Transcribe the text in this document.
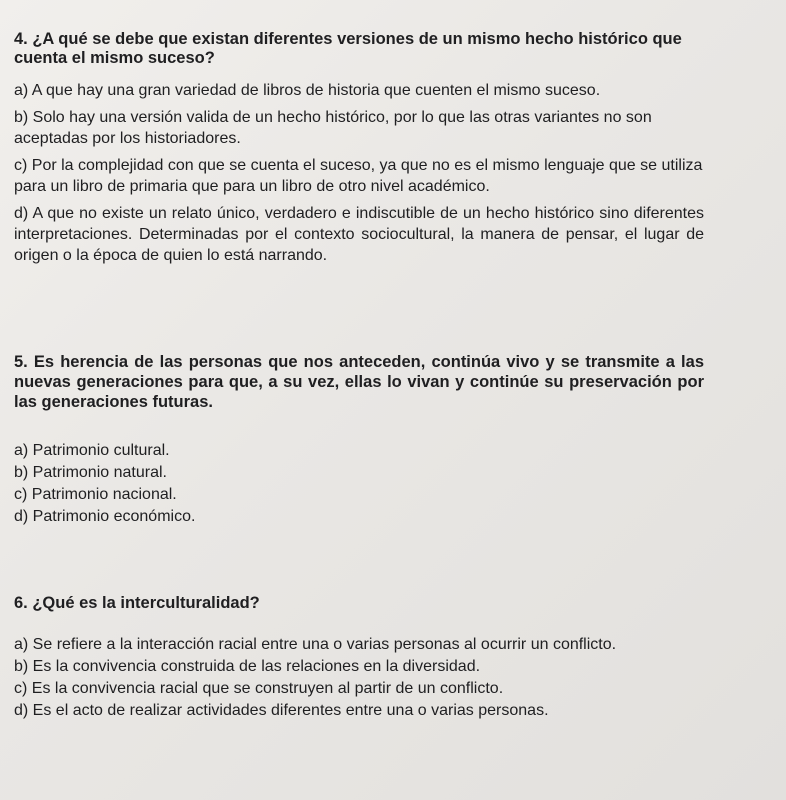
4. ¿A qué se debe que existan diferentes versiones de un mismo hecho histórico que cuenta el mismo suceso?

a) A que hay una gran variedad de libros de historia que cuenten el mismo suceso.

b) Solo hay una versión valida de un hecho histórico, por lo que las otras variantes no son aceptadas por los historiadores.

c) Por la complejidad con que se cuenta el suceso, ya que no es el mismo lenguaje que se utiliza para un libro de primaria que para un libro de otro nivel académico.

d) A que no existe un relato único, verdadero e indiscutible de un hecho histórico sino diferentes interpretaciones. Determinadas por el contexto sociocultural, la manera de pensar, el lugar de origen o la época de quien lo está narrando.

5. Es herencia de las personas que nos anteceden, continúa vivo y se transmite a las nuevas generaciones para que, a su vez, ellas lo vivan y continúe su preservación por las generaciones futuras.

a) Patrimonio cultural.

b) Patrimonio natural.

c) Patrimonio nacional.

d) Patrimonio económico.

6. ¿Qué es la interculturalidad?

a) Se refiere a la interacción racial entre una o varias personas al ocurrir un conflicto.

b) Es la convivencia construida de las relaciones en la diversidad.

c) Es la convivencia racial que se construyen al partir de un conflicto.

d) Es el acto de realizar actividades diferentes entre una o varias personas.
